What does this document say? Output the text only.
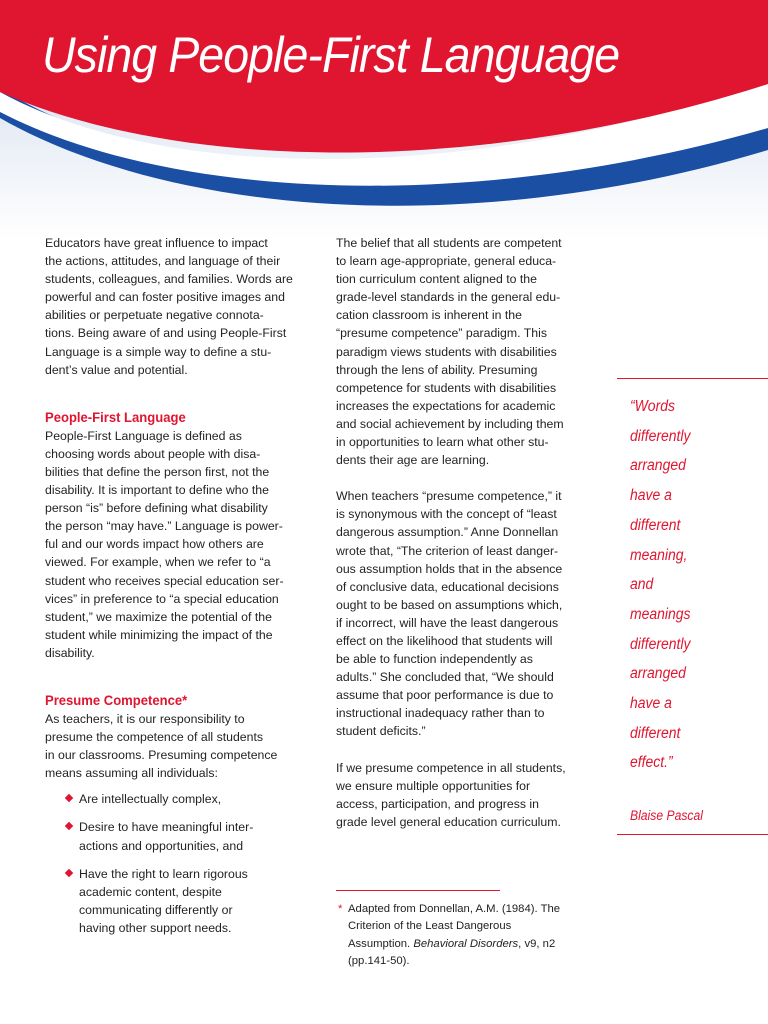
Using People-First Language

Educators have great influence to impact

the actions, attitudes, and language of their

students, colleagues, and families. Words are

powerful and can foster positive images and

abilities or perpetuate negative connota-

tions. Being aware of and using People-First

Language is a simple way to define a stu-

dent’s value and potential.

People-First Language

People-First Language is defined as

choosing words about people with disa-

bilities that define the person first, not the

disability. It is important to define who the

person “is” before defining what disability

the person “may have.” Language is power-

ful and our words impact how others are

viewed. For example, when we refer to “a

student who receives special education ser-

vices” in preference to “a special education

student,” we maximize the potential of the

student while minimizing the impact of the

disability.

Presume Competence*

As teachers, it is our responsibility to

presume the competence of all students

in our classrooms. Presuming competence

means assuming all individuals:

Are intellectually complex,

Desire to have meaningful inter-

actions and opportunities, and

Have the right to learn rigorous

academic content, despite

communicating differently or

having other support needs.

The belief that all students are competent

to learn age-appropriate, general educa-

tion curriculum content aligned to the

grade-level standards in the general edu-

cation classroom is inherent in the

“presume competence” paradigm. This

paradigm views students with disabilities

through the lens of ability. Presuming

competence for students with disabilities

increases the expectations for academic

and social achievement by including them

in opportunities to learn what other stu-

dents their age are learning.

When teachers “presume competence,” it

is synonymous with the concept of “least

dangerous assumption.” Anne Donnellan

wrote that, “The criterion of least danger-

ous assumption holds that in the absence

of conclusive data, educational decisions

ought to be based on assumptions which,

if incorrect, will have the least dangerous

effect on the likelihood that students will

be able to function independently as

adults.” She concluded that, “We should

assume that poor performance is due to

instructional inadequacy rather than to

student deficits.”

If we presume competence in all students,

we ensure multiple opportunities for

access, participation, and progress in

grade level general education curriculum.

* Adapted from Donnellan, A.M. (1984). The
Criterion of the Least Dangerous
Assumption. Behavioral Disorders, v9, n2
(pp.141-50).
“Words
differently
arranged
have a
different
meaning,
and
meanings
differently
arranged
have a
different
effect.”
Blaise Pascal
